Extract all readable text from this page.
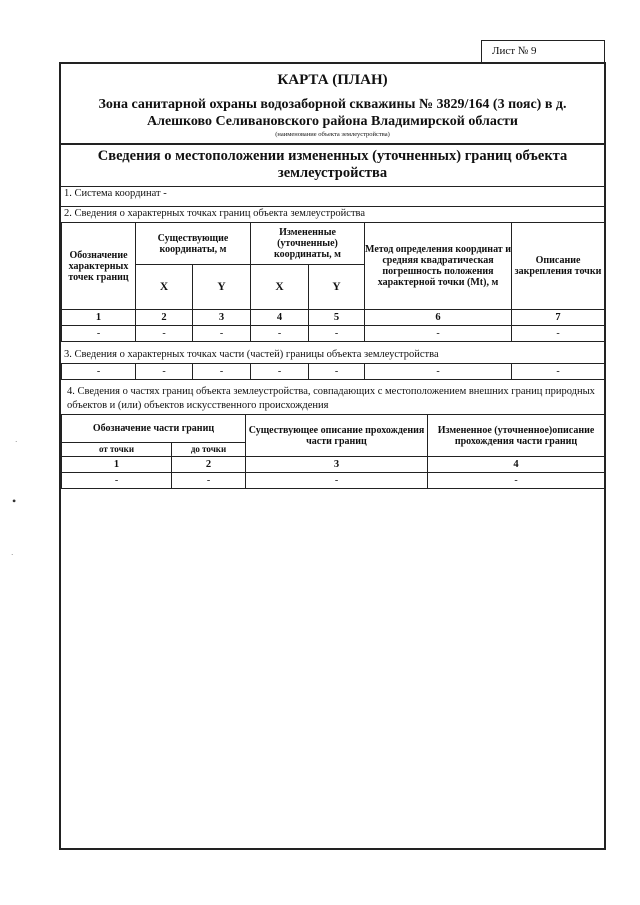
Лист № 9
КАРТА (ПЛАН)
Зона санитарной охраны водозаборной скважины № 3829/164 (3 пояс) в д. Алешково Селивановского района Владимирской области
(наименование объекта землеустройства)
Сведения о местоположении измененных (уточненных) границ объекта землеустройства
1. Система координат -
2. Сведения о характерных точках границ объекта землеустройства
Обозначение характерных точек границ	Существующие координаты, м		Измененные (уточненные) координаты, м		Метод определения координат и средняя квадратическая погрешность положения характерной точки (Mt), м	Описание закрепления точки
	X	Y	X	Y		
1	2	3	4	5	6	7
-	-	-	-	-	-	-
3. Сведения о характерных точках части (частей) границы объекта землеустройства
-	-	-	-	-	-	-
4. Сведения о частях границ объекта землеустройства, совпадающих с местоположением внешних границ природных объектов и (или) объектов искусственного происхождения
Обозначение части границ		Существующее описание прохождения части границ	Измененное (уточненное)описание прохождения части границ
от точки	до точки		
1	2	3	4
-	-	-	-
·
•
·
